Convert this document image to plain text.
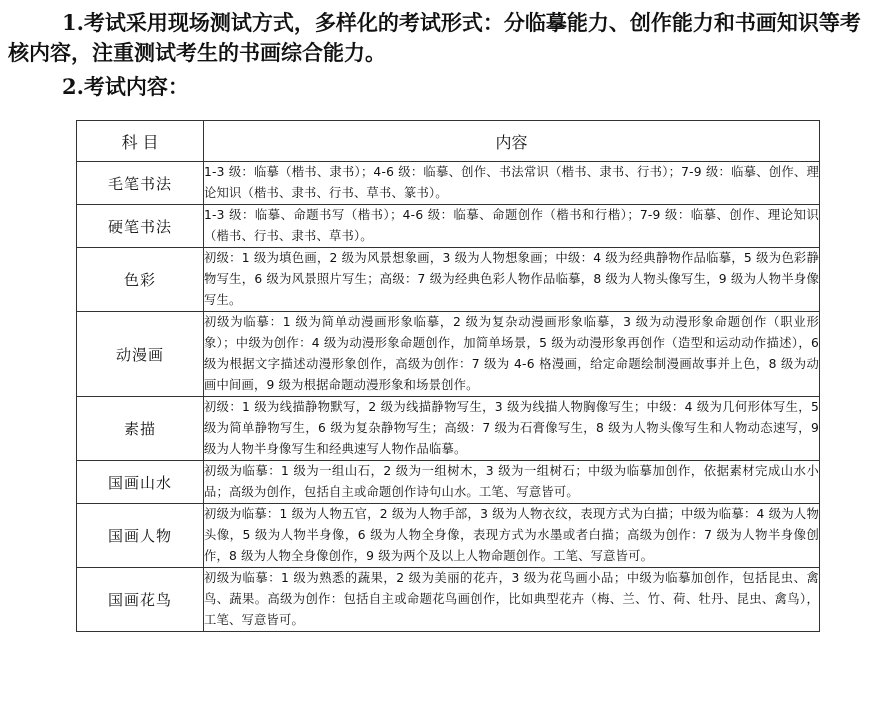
1.考试采用现场测试方式，多样化的考试形式：分临摹能力、创作能力和书画知识等考核内容，注重测试考生的书画综合能力。

2.考试内容：

科 目	内容
毛笔书法	1-3 级：临摹（楷书、隶书）；4-6 级：临摹、创作、书法常识（楷书、隶书、行书）；7-9 级：临摹、创作、理论知识（楷书、隶书、行书、草书、篆书）。
硬笔书法	1-3 级：临摹、命题书写（楷书）；4-6 级：临摹、命题创作（楷书和行楷）；7-9 级：临摹、创作、理论知识（楷书、行书、隶书、草书）。
色彩	初级：1 级为填色画，2 级为风景想象画，3 级为人物想象画；中级：4 级为经典静物作品临摹，5 级为色彩静物写生，6 级为风景照片写生；高级：7 级为经典色彩人物作品临摹，8 级为人物头像写生，9 级为人物半身像写生。
动漫画	初级为临摹：1 级为简单动漫画形象临摹，2 级为复杂动漫画形象临摹，3 级为动漫形象命题创作（职业形象）；中级为创作：4 级为动漫形象命题创作，加简单场景，5 级为动漫形象再创作（造型和运动动作描述），6 级为根据文字描述动漫形象创作，高级为创作：7 级为 4-6 格漫画，给定命题绘制漫画故事并上色，8 级为动画中间画，9 级为根据命题动漫形象和场景创作。
素描	初级：1 级为线描静物默写，2 级为线描静物写生，3 级为线描人物胸像写生；中级：4 级为几何形体写生，5 级为简单静物写生，6 级为复杂静物写生；高级：7 级为石膏像写生，8 级为人物头像写生和人物动态速写，9 级为人物半身像写生和经典速写人物作品临摹。
国画山水	初级为临摹：1 级为一组山石，2 级为一组树木，3 级为一组树石；中级为临摹加创作，依据素材完成山水小品；高级为创作，包括自主或命题创作诗句山水。工笔、写意皆可。
国画人物	初级为临摹：1 级为人物五官，2 级为人物手部，3 级为人物衣纹，表现方式为白描；中级为临摹：4 级为人物头像，5 级为人物半身像，6 级为人物全身像，表现方式为水墨或者白描；高级为创作：7 级为人物半身像创作，8 级为人物全身像创作，9 级为两个及以上人物命题创作。工笔、写意皆可。
国画花鸟	初级为临摹：1 级为熟悉的蔬果，2 级为美丽的花卉，3 级为花鸟画小品；中级为临摹加创作，包括昆虫、禽鸟、蔬果。高级为创作：包括自主或命题花鸟画创作，比如典型花卉（梅、兰、竹、荷、牡丹、昆虫、禽鸟），工笔、写意皆可。
